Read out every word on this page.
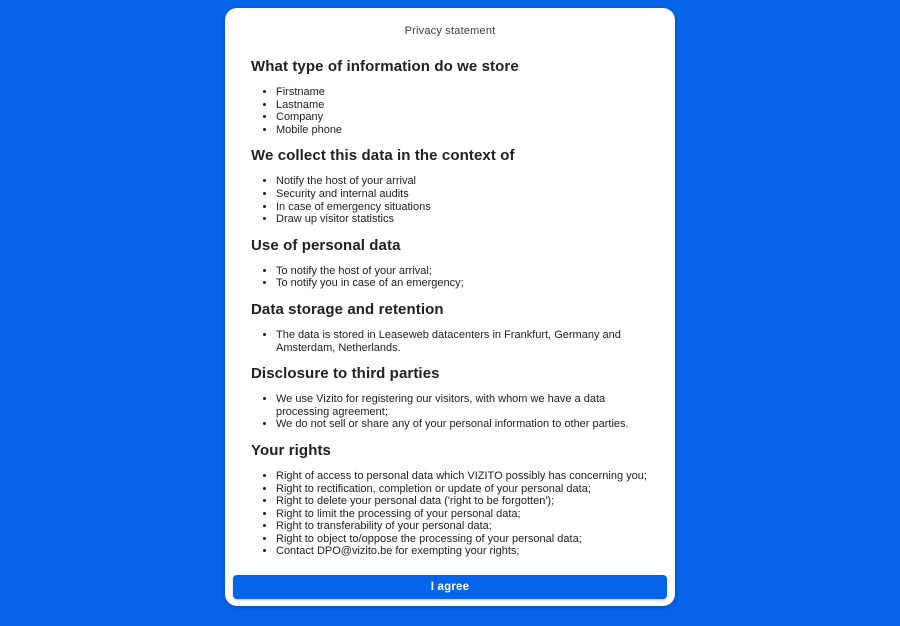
Privacy statement
What type of information do we store
• Firstname
• Lastname
• Company
• Mobile phone
We collect this data in the context of
• Notify the host of your arrival
• Security and internal audits
• In case of emergency situations
• Draw up visitor statistics
Use of personal data
• To notify the host of your arrival;
• To notify you in case of an emergency;
Data storage and retention
• The data is stored in Leaseweb datacenters in Frankfurt, Germany and Amsterdam, Netherlands.
Disclosure to third parties
• We use Vizito for registering our visitors, with whom we have a data processing agreement;
• We do not sell or share any of your personal information to other parties.
Your rights
• Right of access to personal data which VIZITO possibly has concerning you;
• Right to rectification, completion or update of your personal data;
• Right to delete your personal data ('right to be forgotten');
• Right to limit the processing of your personal data;
• Right to transferability of your personal data;
• Right to object to/oppose the processing of your personal data;
• Contact DPO@vizito.be for exempting your rights;
I agree
